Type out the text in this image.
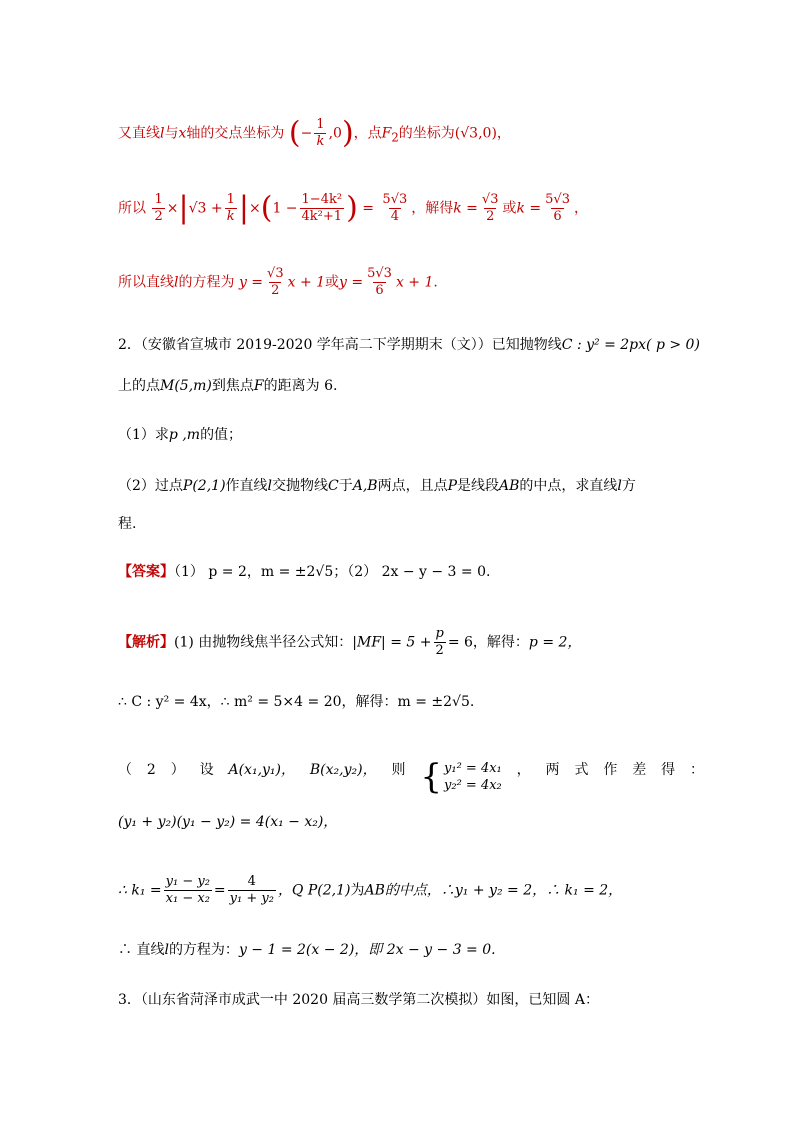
又直线l与x轴的交点坐标为 (− $\frac{1}{k} ,0$)，点$F_2$的坐标为(√3,0)，
所以 $\frac{1}{2} \times|√3 + \frac{1}{k} |\times(1 - \frac{\text{1−4k²}}{\text{4k²+1}}$ ) = $\frac{5√3}{4}$ ，解得$k = \frac{√3}{2}$ 或$k = \frac{5√3}{6}$ ，
所以直线l的方程为 $y = \frac{√3}{2}$ x + 1或$y = \frac{5√3}{6}$ x + 1.
2．（安徽省宣城市 2019-2020 学年高二下学期期末（文））已知抛物线C : y² = 2px( p > 0)
上的点M(5,m)到焦点F的距离为 6.
（1）求p ,m的值；
（2）过点P(2,1)作直线l交抛物线C于A,B两点，且点P是线段AB的中点，求直线l方
程.
【答案】（1） p = 2，m = ±2√5；（2） 2x − y − 3 = 0.
【解析】(1) 由抛物线焦半径公式知：$|MF| = 5 + \frac{p}{2} = 6$，解得：p = 2，
∴ C : y² = 4x，∴ m² = 5×4 = 20，解得：m = ±2√5.
（ 2 ） 设 A(x₁,y₁)， B(x₂,y₂)， 则 { y₁² = 4x₁
y₂² = 4x₂
， 两 式 作 差 得 ：
(y₁ + y₂)(y₁ − y₂) = 4(x₁ − x₂)，
∴ $k_1 = \frac{\text{y₁ − y₂}}{\text{x₁ − x₂}} = \frac{4}{\text{y₁ + y₂}}$ ，Q P(2,1)为AB的中点，∴y₁ + y₂ = 2，∴ k₁ = 2，
∴ 直线l的方程为：y − 1 = 2(x − 2)，即 2x − y − 3 = 0.
3．（山东省菏泽市成武一中 2020 届高三数学第二次模拟）如图，已知圆 A：
